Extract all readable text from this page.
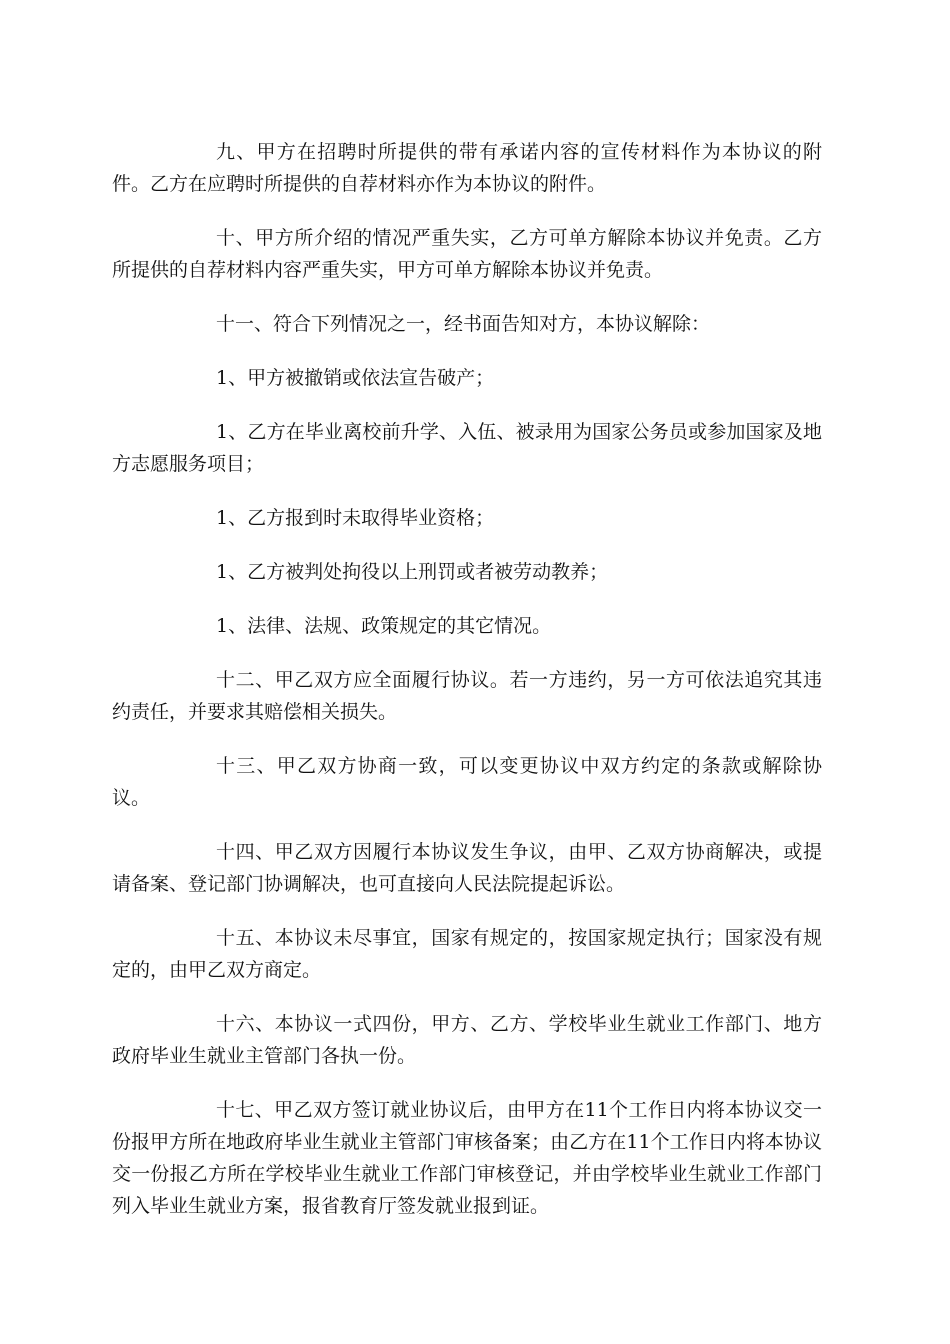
九、甲方在招聘时所提供的带有承诺内容的宣传材料作为本协议的附件。乙方在应聘时所提供的自荐材料亦作为本协议的附件。

十、甲方所介绍的情况严重失实，乙方可单方解除本协议并免责。乙方所提供的自荐材料内容严重失实，甲方可单方解除本协议并免责。

十一、符合下列情况之一，经书面告知对方，本协议解除：

1、甲方被撤销或依法宣告破产；

1、乙方在毕业离校前升学、入伍、被录用为国家公务员或参加国家及地方志愿服务项目；

1、乙方报到时未取得毕业资格；

1、乙方被判处拘役以上刑罚或者被劳动教养；

1、法律、法规、政策规定的其它情况。

十二、甲乙双方应全面履行协议。若一方违约，另一方可依法追究其违约责任，并要求其赔偿相关损失。

十三、甲乙双方协商一致，可以变更协议中双方约定的条款或解除协议。

十四、甲乙双方因履行本协议发生争议，由甲、乙双方协商解决，或提请备案、登记部门协调解决，也可直接向人民法院提起诉讼。

十五、本协议未尽事宜，国家有规定的，按国家规定执行；国家没有规定的，由甲乙双方商定。

十六、本协议一式四份，甲方、乙方、学校毕业生就业工作部门、地方政府毕业生就业主管部门各执一份。

十七、甲乙双方签订就业协议后，由甲方在11个工作日内将本协议交一份报甲方所在地政府毕业生就业主管部门审核备案；由乙方在11个工作日内将本协议交一份报乙方所在学校毕业生就业工作部门审核登记，并由学校毕业生就业工作部门列入毕业生就业方案，报省教育厅签发就业报到证。
